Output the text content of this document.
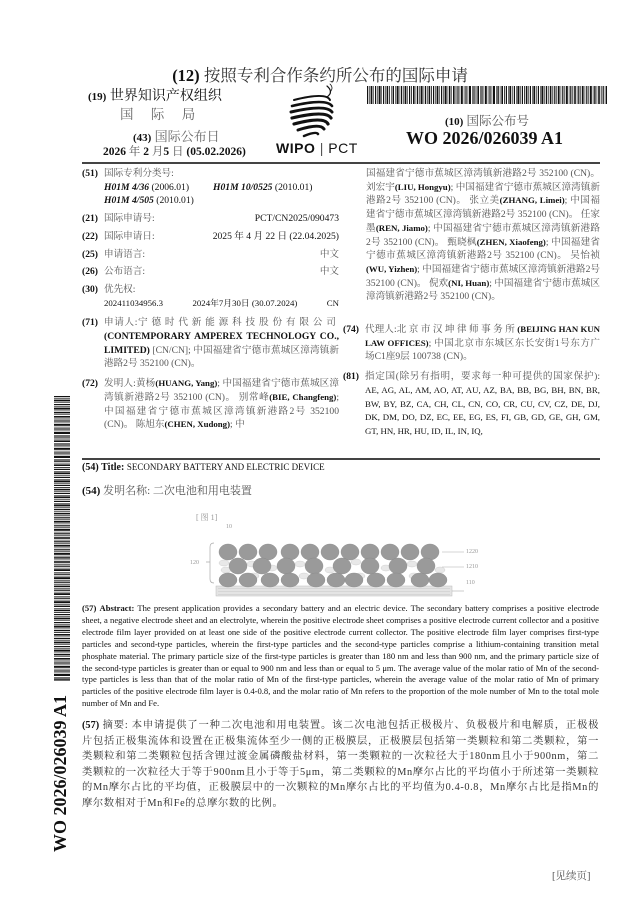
(12) 按照专利合作条约所公布的国际申请
(19) 世界知识产权组织
国 际 局
(43) 国际公布日
2026 年 2 月5 日 (05.02.2026) WIPO | PCT
(10) 国际公布号
WO 2026/026039 A1
WO 2026/026039 A1
(51) 国际专利分类号:
H01M 4/36 (2006.01)	H01M 10/0525 (2010.01)
H01M 4/505 (2010.01)
(21) 国际申请号:	PCT/CN2025/090473
(22) 国际申请日:	2025 年 4 月 22 日 (22.04.2025)
(25) 申请语言:	中文
(26) 公布语言:	中文
(30) 优先权:
202411034956.3	2024年7月30日 (30.07.2024)	CN
(71) 申请人:宁德时代新能源科技股份有限公司 (CONTEMPORARY AMPEREX TECHNOLOGY CO., LIMITED) [CN/CN]; 中国福建省宁德市蕉城区漳湾镇新港路2号 352100 (CN)。
(72) 发明人:黄杨(HUANG, Yang); 中国福建省宁德市蕉城区漳湾镇新港路2号 352100 (CN)。 别常峰(BIE, Changfeng); 中国福建省宁德市蕉城区漳湾镇新港路2号 352100 (CN)。 陈旭东(CHEN, Xudong); 中
国福建省宁德市蕉城区漳湾镇新港路2号 352100 (CN)。 刘宏宇(LIU, Hongyu); 中国福建省宁德市蕉城区漳湾镇新港路2号 352100 (CN)。 张立美(ZHANG, Limei); 中国福建省宁德市蕉城区漳湾镇新港路2号 352100 (CN)。 任家墨(REN, Jiamo); 中国福建省宁德市蕉城区漳湾镇新港路2号 352100 (CN)。 甄晓枫(ZHEN, Xiaofeng); 中国福建省宁德市蕉城区漳湾镇新港路2号 352100 (CN)。 吴怡祯(WU, Yizhen); 中国福建省宁德市蕉城区漳湾镇新港路2号 352100 (CN)。 倪欢(NI, Huan); 中国福建省宁德市蕉城区漳湾镇新港路2号 352100 (CN)。
(74) 代理人:北京市汉坤律师事务所(BEIJING HAN KUN LAW OFFICES); 中国北京市东城区东长安街1号东方广场C1座9层 100738 (CN)。
(81) 指定国(除另有指明，要求每一种可提供的国家保护): AE, AG, AL, AM, AO, AT, AU, AZ, BA, BB, BG, BH, BN, BR, BW, BY, BZ, CA, CH, CL, CN, CO, CR, CU, CV, CZ, DE, DJ, DK, DM, DO, DZ, EC, EE, EG, ES, FI, GB, GD, GE, GH, GM, GT, HN, HR, HU, ID, IL, IN, IQ,
(54) Title: SECONDARY BATTERY AND ELECTRIC DEVICE
(54) 发明名称: 二次电池和用电装置
[ 图 1]
10
120
1220
1210
110
(57) Abstract: The present application provides a secondary battery and an electric device. The secondary battery comprises a positive electrode sheet, a negative electrode sheet and an electrolyte, wherein the positive electrode sheet comprises a positive electrode current collector and a positive electrode film layer provided on at least one side of the positive electrode current collector. The positive electrode film layer comprises first-type particles and second-type particles, wherein the first-type particles and the second-type particles comprise a lithium-containing transition metal phosphate material. The primary particle size of the first-type particles is greater than 180 nm and less than 900 nm, and the primary particle size of the second-type particles is greater than or equal to 900 nm and less than or equal to 5 μm. The average value of the molar ratio of Mn of the second-type particles is less than that of the molar ratio of Mn of the first-type particles, wherein the average value of the molar ratio of Mn of primary particles of the positive electrode film layer is 0.4-0.8, and the molar ratio of Mn refers to the proportion of the mole number of Mn to the total mole number of Mn and Fe.
(57) 摘要: 本申请提供了一种二次电池和用电装置。该二次电池包括正极极片、负极极片和电解质，正极极片包括正极集流体和设置在正极集流体至少一侧的正极膜层，正极膜层包括第一类颗粒和第二类颗粒，第一类颗粒和第二类颗粒包括含锂过渡金属磷酸盐材料，第一类颗粒的一次粒径大于180nm且小于900nm，第二类颗粒的一次粒径大于等于900nm且小于等于5μm，第二类颗粒的Mn摩尔占比的平均值小于所述第一类颗粒的Mn摩尔占比的平均值，正极膜层中的一次颗粒的Mn摩尔占比的平均值为0.4-0.8，Mn摩尔占比是指Mn的摩尔数相对于Mn和Fe的总摩尔数的比例。
[见续页]
